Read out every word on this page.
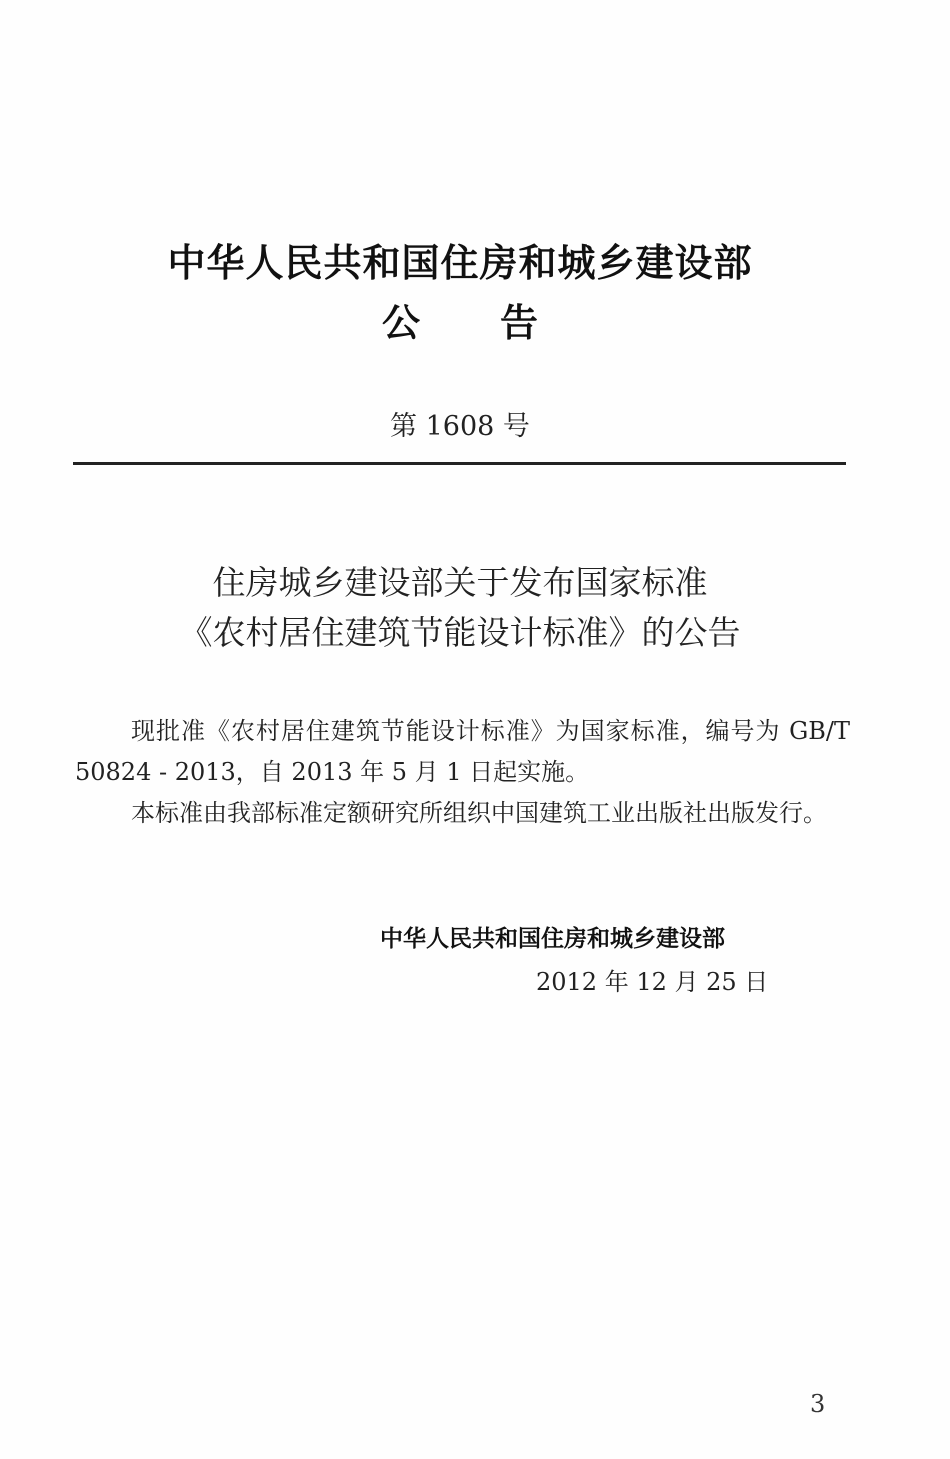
中华人民共和国住房和城乡建设部
公告
第 1608 号
住房城乡建设部关于发布国家标准
《农村居住建筑节能设计标准》的公告

现批准《农村居住建筑节能设计标准》为国家标准，编号为 GB/T 50824 - 2013，自 2013 年 5 月 1 日起实施。

本标准由我部标准定额研究所组织中国建筑工业出版社出版发行。

中华人民共和国住房和城乡建设部
2012 年 12 月 25 日
3
